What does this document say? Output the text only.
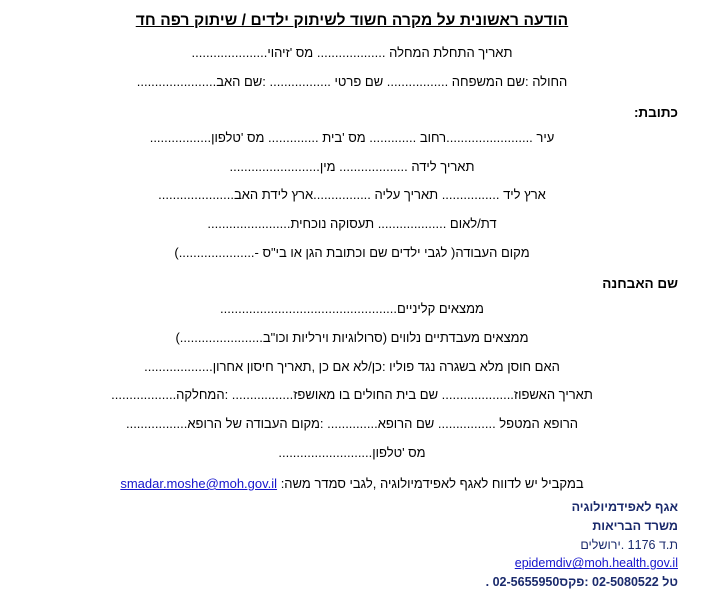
הודעה ראשונית על מקרה חשוד לשיתוק ילדים / שיתוק רפה חד
תאריך התחלת המחלה ................... מס 'זיהוי.....................
החולה :שם המשפחה ................. שם פרטי ................. :שם האב......................
כתובת:
עיר ........................רחוב ............. מס 'בית .............. מס 'טלפון.................
תאריך לידה ................... מין.........................
ארץ ליד ................ תאריך עליה ................ארץ לידת האב.....................
דת/לאום ................... תעסוקה נוכחית.......................
מקום העבודה( לגבי ילדים שם וכתובת הגן או בי"ס -.....................)
שם האבחנה
ממצאים קליניים.................................................
ממצאים מעבדתיים נלווים (סרולוגיות וירליות וכו"ב.......................)
האם חוסן מלא בשגרה נגד פוליו :כן/לא אם כן ,תאריך חיסון אחרון...................
תאריך האשפוז.................... שם בית החולים בו מאושפז................. :המחלקה..................
הרופא המטפל ................ שם הרופא.............. :מקום העבודה של הרופא.................
מס 'טלפון..........................
במקביל יש לדווח לאגף לאפידמיולוגיה ,לגבי סמדר משה: smadar.moshe@moh.gov.il
אגף לאפידמיולוגיה
משרד הבריאות
ת.ד 1176 .ירושלים
epidemdiv@moh.health.gov.il
טל 02-5080522 :פקס02-5655950 .
